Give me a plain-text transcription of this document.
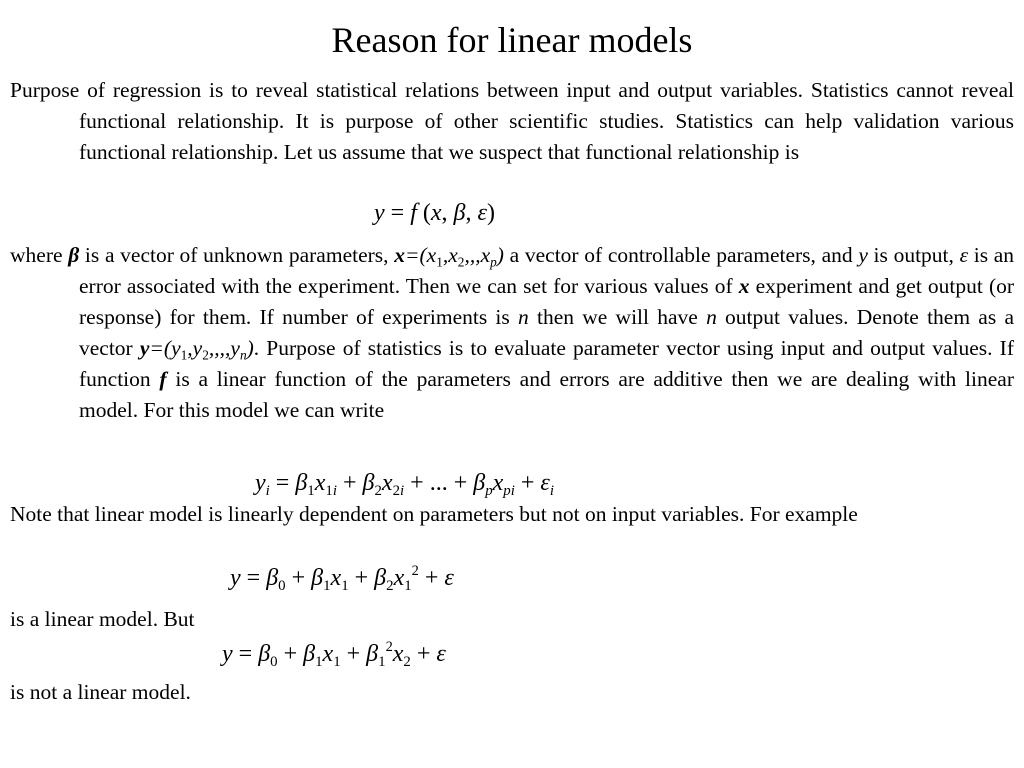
Reason for linear models
Purpose of regression is to reveal statistical relations between input and output variables. Statistics cannot reveal functional relationship. It is purpose of other scientific studies. Statistics can help validation various functional relationship. Let us assume that we suspect that functional relationship is
y = f (x, β, ε)
where β is a vector of unknown parameters, $x=(x_1,x_2,,,x_p)$ a vector of controllable parameters, and y is output, ε is an error associated with the experiment. Then we can set for various values of x experiment and get output (or response) for them. If number of experiments is n then we will have n output values. Denote them as a vector $y=(y_1,y_2,,,,y_n)$. Purpose of statistics is to evaluate parameter vector using input and output values. If function f is a linear function of the parameters and errors are additive then we are dealing with linear model. For this model we can write
$y_i = \beta_1x_{1i} + \beta_2x_{2i}$ + ... + $\beta_px_{pi} + \varepsilon_i$
Note that linear model is linearly dependent on parameters but not on input variables. For example
$y = \beta_0 + \beta_1x_1 + \beta_2x_1^2 + \varepsilon$
is a linear model. But
$y = \beta_0 + \beta_1x_1 + \beta_1^2x_2 + \varepsilon$
is not a linear model.
